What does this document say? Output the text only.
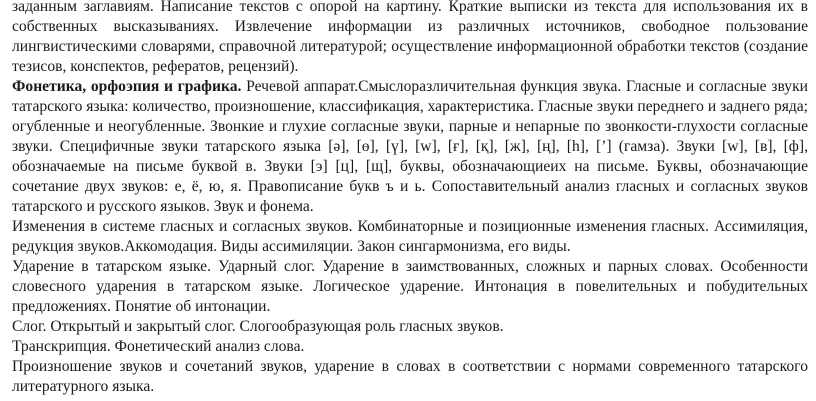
заданным заглавиям. Написание текстов с опорой на картину. Краткие выписки из текста для использования их в
собственных высказываниях. Извлечение информации из различных источников, свободное пользование
лингвистическими словарями, справочной литературой; осуществление информационной обработки текстов (создание
тезисов, конспектов, рефератов, рецензий).
Фонетика, орфоэпия и графика. Речевой аппарат.Смыслоразличительная функция звука. Гласные и согласные звуки
татарского языка: количество, произношение, классификация, характеристика. Гласные звуки переднего и заднего ряда;
огубленные и неогубленные. Звонкие и глухие согласные звуки, парные и непарные по звонкости-глухости согласные
звуки. Специфичные звуки татарского языка [ә], [ө], [ү], [w], [ғ], [қ], [ж], [ң], [һ], [’] (гамза). Звуки [w], [в], [ф],
обозначаемые на письме буквой в. Звуки [э] [ц], [щ], буквы, обозначающиеих на письме. Буквы, обозначающие
сочетание двух звуков: е, ё, ю, я. Правописание букв ъ и ь. Сопоставительный анализ гласных и согласных звуков
татарского и русского языков. Звук и фонема.
Изменения в системе гласных и согласных звуков. Комбинаторные и позиционные изменения гласных. Ассимиляция,
редукция звуков.Аккомодация. Виды ассимиляции. Закон сингармонизма, его виды.
Ударение в татарском языке. Ударный слог. Ударение в заимствованных, сложных и парных словах. Особенности
словесного ударения в татарском языке. Логическое ударение. Интонация в повелительных и побудительных
предложениях. Понятие об интонации.
Слог. Открытый и закрытый слог. Слогообразующая роль гласных звуков.
Транскрипция. Фонетический анализ слова.
Произношение звуков и сочетаний звуков, ударение в словах в соответствии с нормами современного татарского
литературного языка.
